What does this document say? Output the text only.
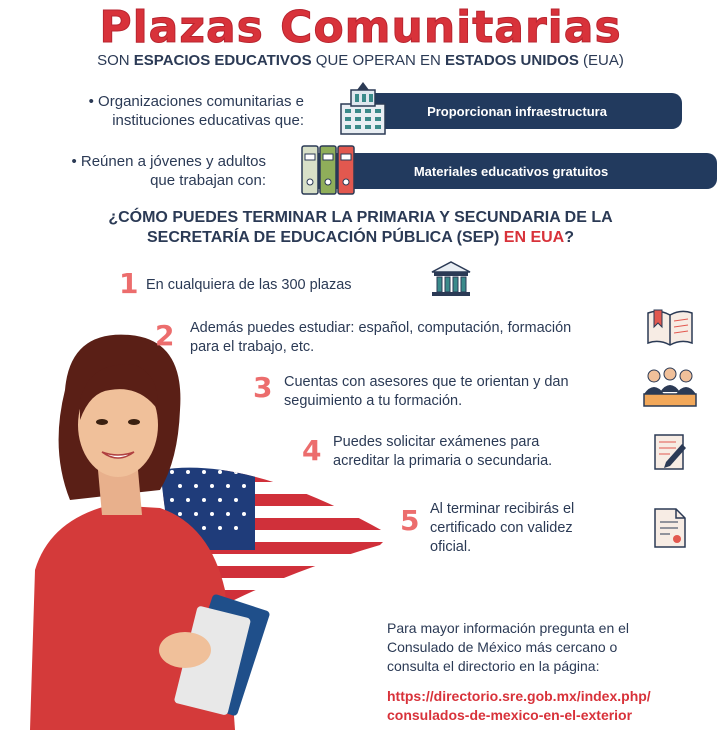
Plazas Comunitarias
SON ESPACIOS EDUCATIVOS QUE OPERAN EN ESTADOS UNIDOS (EUA)
• Organizaciones comunitarias e
instituciones educativas que:
Proporcionan infraestructura
• Reúnen a jóvenes y adultos
que trabajan con:
Materiales educativos gratuitos
¿CÓMO PUEDES TERMINAR LA PRIMARIA Y SECUNDARIA DE LA
SECRETARÍA DE EDUCACIÓN PÚBLICA (SEP) EN EUA?
1 En cualquiera de las 300 plazas
2 Además puedes estudiar: español, computación, formación
para el trabajo, etc.
3 Cuentas con asesores que te orientan y dan
seguimiento a tu formación.
4 Puedes solicitar exámenes para
acreditar la primaria o secundaria.
5 Al terminar recibirás el
certificado con validez
oficial.
Para mayor información pregunta en el
Consulado de México más cercano o
consulta el directorio en la página:
https://directorio.sre.gob.mx/index.php/
consulados-de-mexico-en-el-exterior
